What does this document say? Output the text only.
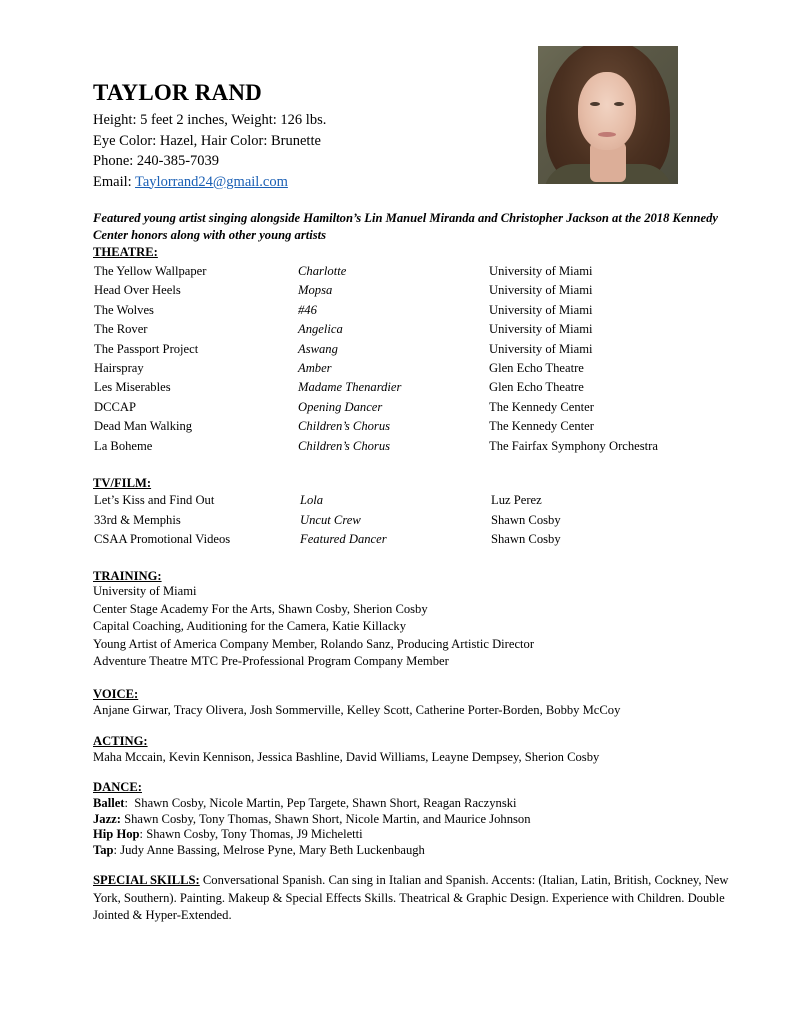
TAYLOR RAND
Height: 5 feet 2 inches, Weight: 126 lbs.
Eye Color: Hazel, Hair Color: Brunette
Phone: 240-385-7039
Email: Taylorrand24@gmail.com
Featured young artist singing alongside Hamilton’s Lin Manuel Miranda and Christopher Jackson at the 2018 Kennedy Center honors along with other young artists
THEATRE:
The Yellow Wallpaper	Charlotte	University of Miami
Head Over Heels	Mopsa	University of Miami
The Wolves	#46	University of Miami
The Rover	Angelica	University of Miami
The Passport Project	Aswang	University of Miami
Hairspray	Amber	Glen Echo Theatre
Les Miserables	Madame Thenardier	Glen Echo Theatre
DCCAP	Opening Dancer	The Kennedy Center
Dead Man Walking	Children’s Chorus	The Kennedy Center
La Boheme	Children’s Chorus	The Fairfax Symphony Orchestra
TV/FILM:
Let’s Kiss and Find Out	Lola	Luz Perez
33rd & Memphis	Uncut Crew	Shawn Cosby
CSAA Promotional Videos	Featured Dancer	Shawn Cosby
TRAINING:
University of Miami
Center Stage Academy For the Arts, Shawn Cosby, Sherion Cosby
Capital Coaching, Auditioning for the Camera, Katie Killacky
Young Artist of America Company Member, Rolando Sanz, Producing Artistic Director
Adventure Theatre MTC Pre-Professional Program Company Member
VOICE:
Anjane Girwar, Tracy Olivera, Josh Sommerville, Kelley Scott, Catherine Porter-Borden, Bobby McCoy
ACTING:
Maha Mccain, Kevin Kennison, Jessica Bashline, David Williams, Leayne Dempsey, Sherion Cosby
DANCE:
Ballet:  Shawn Cosby, Nicole Martin, Pep Targete, Shawn Short, Reagan Raczynski
Jazz: Shawn Cosby, Tony Thomas, Shawn Short, Nicole Martin, and Maurice Johnson
Hip Hop: Shawn Cosby, Tony Thomas, J9 Micheletti
Tap: Judy Anne Bassing, Melrose Pyne, Mary Beth Luckenbaugh
SPECIAL SKILLS: Conversational Spanish. Can sing in Italian and Spanish. Accents: (Italian, Latin, British, Cockney, New York, Southern). Painting. Makeup & Special Effects Skills. Theatrical & Graphic Design. Experience with Children. Double Jointed & Hyper-Extended.
